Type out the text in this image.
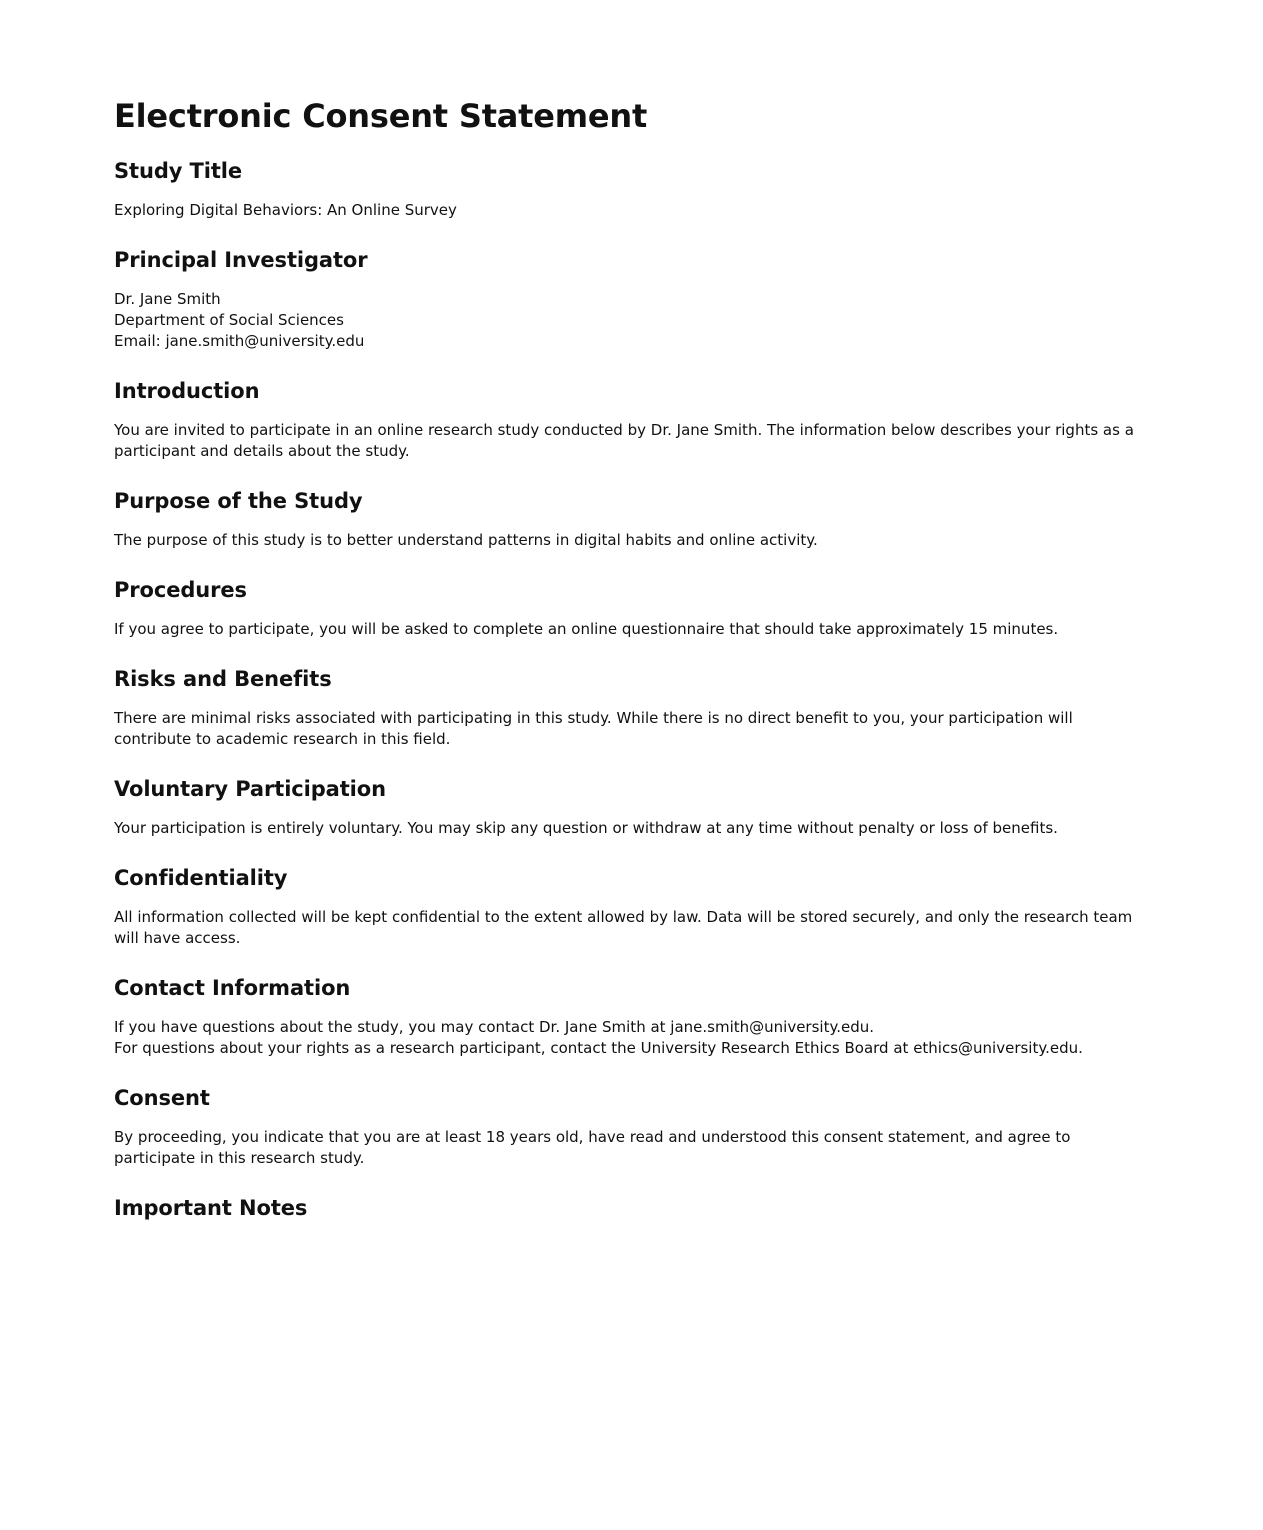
Electronic Consent Statement
Study Title

Exploring Digital Behaviors: An Online Survey

Principal Investigator

Dr. Jane Smith
Department of Social Sciences
Email: jane.smith@university.edu

Introduction

You are invited to participate in an online research study conducted by Dr. Jane Smith. The information below describes your rights as a participant and details about the study.

Purpose of the Study

The purpose of this study is to better understand patterns in digital habits and online activity.

Procedures

If you agree to participate, you will be asked to complete an online questionnaire that should take approximately 15 minutes.

Risks and Benefits

There are minimal risks associated with participating in this study. While there is no direct benefit to you, your participation will contribute to academic research in this field.

Voluntary Participation

Your participation is entirely voluntary. You may skip any question or withdraw at any time without penalty or loss of benefits.

Confidentiality

All information collected will be kept confidential to the extent allowed by law. Data will be stored securely, and only the research team will have access.

Contact Information

If you have questions about the study, you may contact Dr. Jane Smith at jane.smith@university.edu.
For questions about your rights as a research participant, contact the University Research Ethics Board at ethics@university.edu.

Consent

By proceeding, you indicate that you are at least 18 years old, have read and understood this consent statement, and agree to participate in this research study.

Important Notes
